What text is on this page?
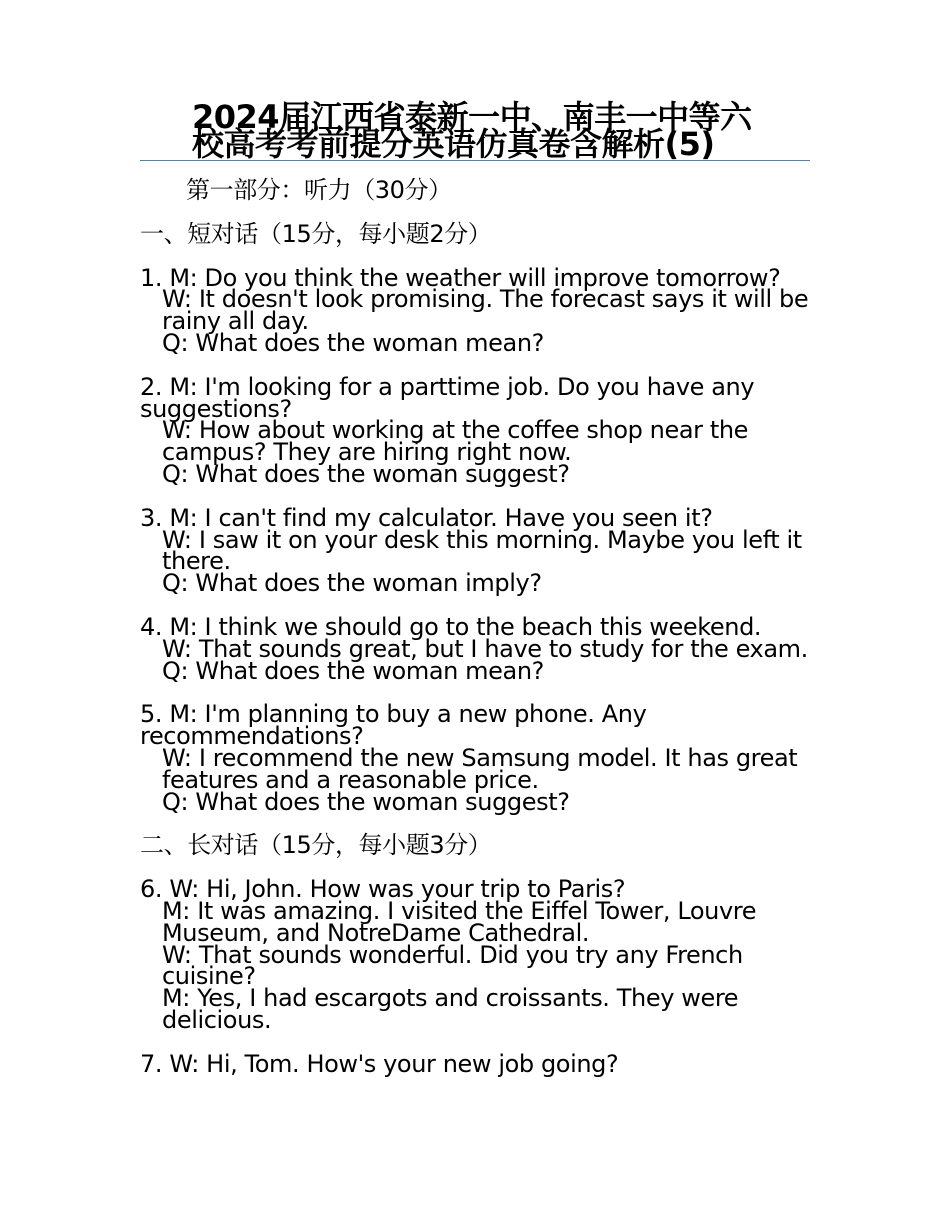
2024届江西省泰新一中、南丰一中等六
校高考考前提分英语仿真卷含解析(5)
第一部分：听力（30分）
一、短对话（15分，每小题2分）
1. M: Do you think the weather will improve tomorrow?
W: It doesn't look promising. The forecast says it will be rainy all day.
Q: What does the woman mean?
2. M: I'm looking for a parttime job. Do you have any suggestions?
W: How about working at the coffee shop near the campus? They are hiring right now.
Q: What does the woman suggest?
3. M: I can't find my calculator. Have you seen it?
W: I saw it on your desk this morning. Maybe you left it there.
Q: What does the woman imply?
4. M: I think we should go to the beach this weekend.
W: That sounds great, but I have to study for the exam.
Q: What does the woman mean?
5. M: I'm planning to buy a new phone. Any recommendations?
W: I recommend the new Samsung model. It has great features and a reasonable price.
Q: What does the woman suggest?
二、长对话（15分，每小题3分）
6. W: Hi, John. How was your trip to Paris?
M: It was amazing. I visited the Eiffel Tower, Louvre Museum, and NotreDame Cathedral.
W: That sounds wonderful. Did you try any French cuisine?
M: Yes, I had escargots and croissants. They were delicious.
7. W: Hi, Tom. How's your new job going?
